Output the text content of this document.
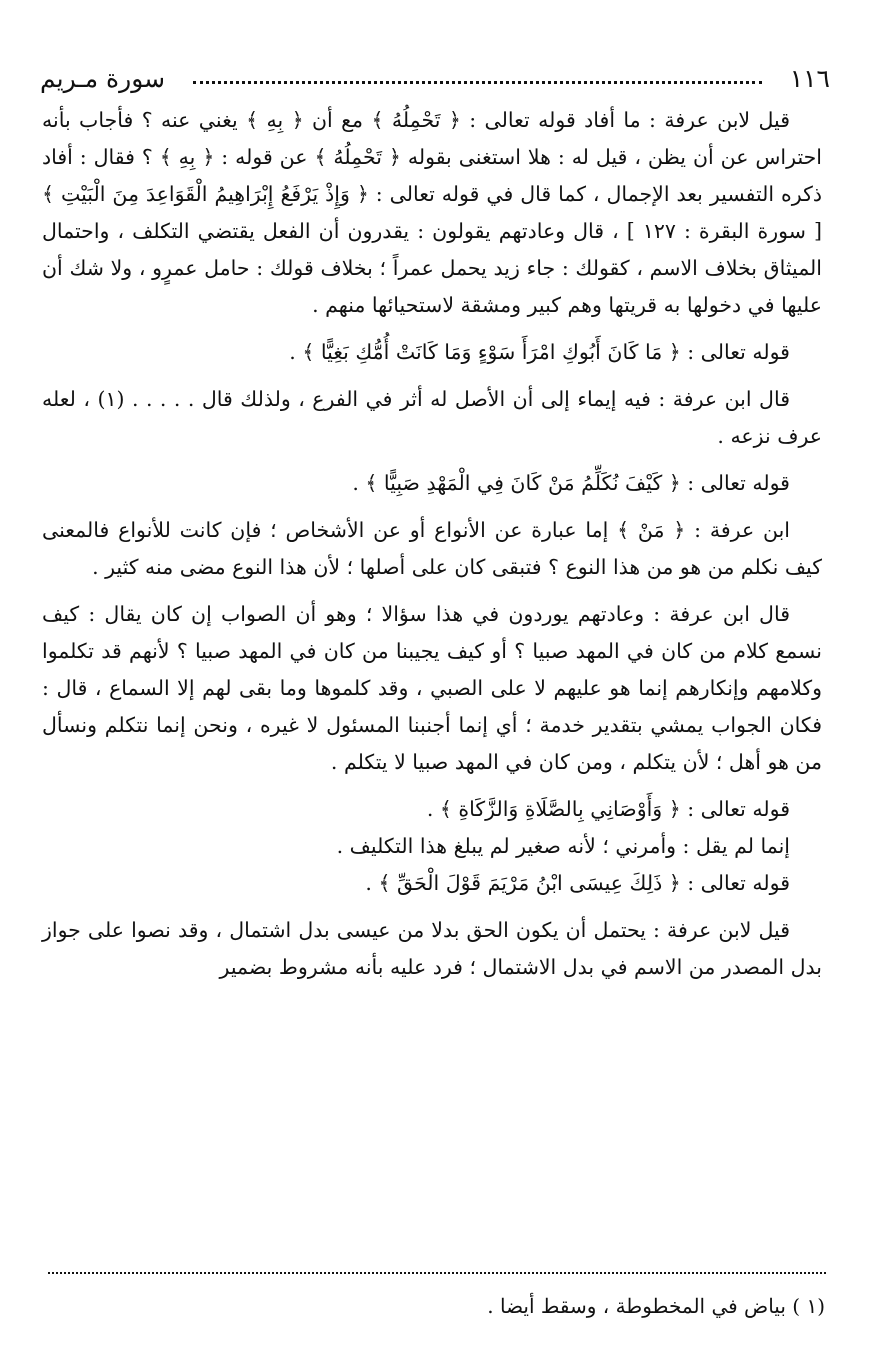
١١٦
سورة مـريم

قيل لابن عرفة : ما أفاد قوله تعالى : ﴿ تَحْمِلُهُ ﴾ مع أن ﴿ بِهِ ﴾ يغني عنه ؟ فأجاب بأنه احتراس عن أن يظن ، قيل له : هلا استغنى بقوله ﴿ تَحْمِلُهُ ﴾ عن قوله : ﴿ بِهِ ﴾ ؟ فقال : أفاد ذكره التفسير بعد الإجمال ، كما قال في قوله تعالى : ﴿ وَإِذْ يَرْفَعُ إِبْرَاهِيمُ الْقَوَاعِدَ مِنَ الْبَيْتِ ﴾ [ سورة البقرة : ١٢٧ ] ، قال وعادتهم يقولون : يقدرون أن الفعل يقتضي التكلف ، واحتمال الميثاق بخلاف الاسم ، كقولك : جاء زيد يحمل عمراً ؛ بخلاف قولك : حامل عمرٍو ، ولا شك أن عليها في دخولها به قريتها وهم كبير ومشقة لاستحيائها منهم .

قوله تعالى : ﴿ مَا كَانَ أَبُوكِ امْرَأَ سَوْءٍ وَمَا كَانَتْ أُمُّكِ بَغِيًّا ﴾ .

قال ابن عرفة : فيه إيماء إلى أن الأصل له أثر في الفرع ، ولذلك قال . . . . . (١) ، لعله عرف نزعه .

قوله تعالى : ﴿ كَيْفَ نُكَلِّمُ مَنْ كَانَ فِي الْمَهْدِ صَبِيًّا ﴾ .

ابن عرفة : ﴿ مَنْ ﴾ إما عبارة عن الأنواع أو عن الأشخاص ؛ فإن كانت للأنواع فالمعنى كيف نكلم من هو من هذا النوع ؟ فتبقى كان على أصلها ؛ لأن هذا النوع مضى منه كثير .

قال ابن عرفة : وعادتهم يوردون في هذا سؤالا ؛ وهو أن الصواب إن كان يقال : كيف نسمع كلام من كان في المهد صبيا ؟ أو كيف يجيبنا من كان في المهد صبيا ؟ لأنهم قد تكلموا وكلامهم وإنكارهم إنما هو عليهم لا على الصبي ، وقد كلموها وما بقى لهم إلا السماع ، قال : فكان الجواب يمشي بتقدير خدمة ؛ أي إنما أجنبنا المسئول لا غيره ، ونحن إنما نتكلم ونسأل من هو أهل ؛ لأن يتكلم ، ومن كان في المهد صبيا لا يتكلم .

قوله تعالى : ﴿ وَأَوْصَانِي بِالصَّلَاةِ وَالزَّكَاةِ ﴾ .

إنما لم يقل : وأمرني ؛ لأنه صغير لم يبلغ هذا التكليف .

قوله تعالى : ﴿ ذَلِكَ عِيسَى ابْنُ مَرْيَمَ قَوْلَ الْحَقِّ ﴾ .

قيل لابن عرفة : يحتمل أن يكون الحق بدلا من عيسى بدل اشتمال ، وقد نصوا على جواز بدل المصدر من الاسم في بدل الاشتمال ؛ فرد عليه بأنه مشروط بضمير

(١ ) بياض في المخطوطة ، وسقط أيضا .
